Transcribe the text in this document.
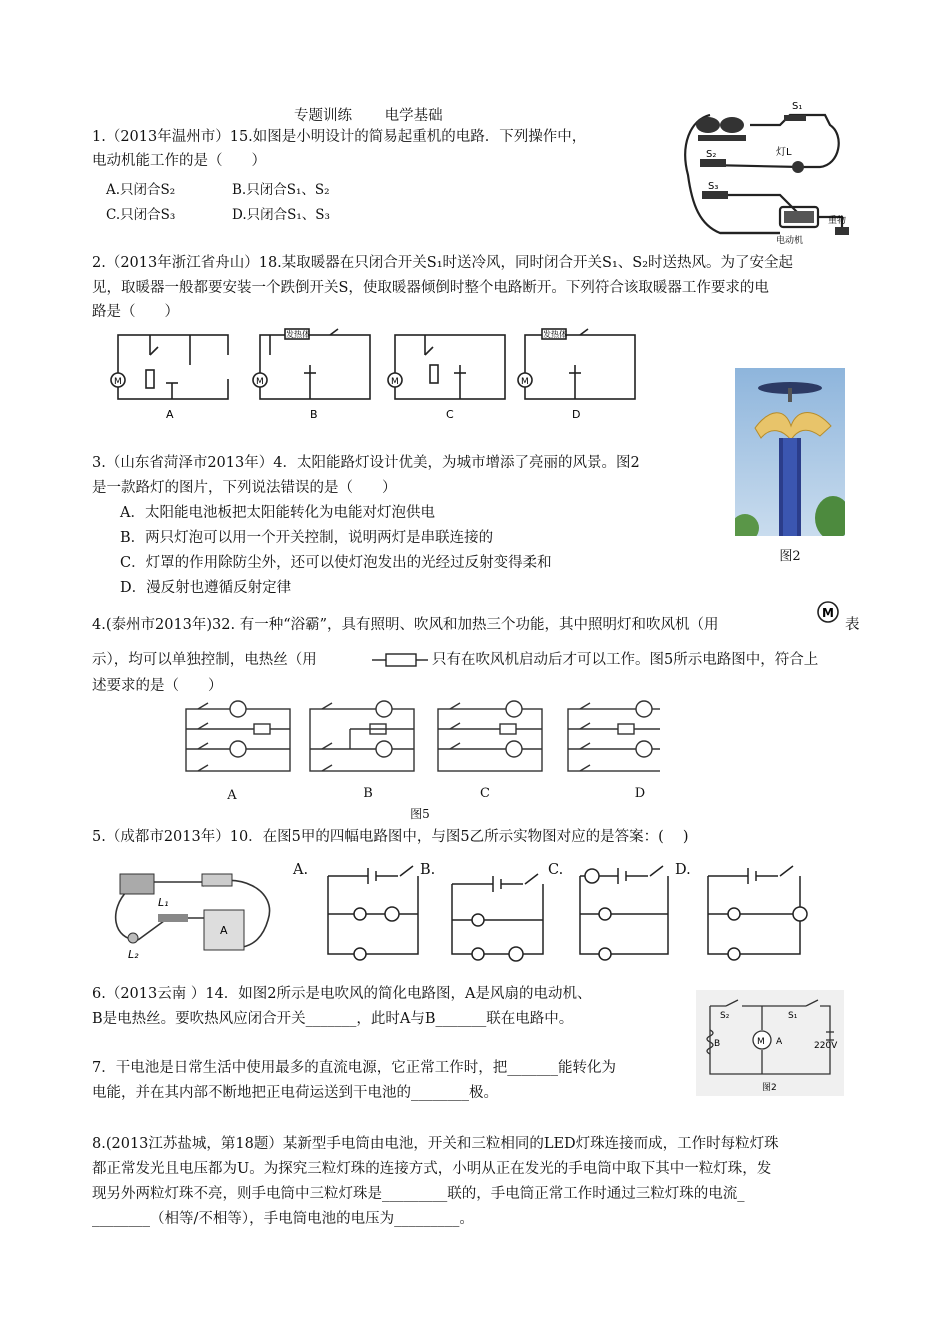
专题训练 电学基础
1.（2013年温州市）15.如图是小明设计的简易起重机的电路．下列操作中，
电动机能工作的是（　　）
A.只闭合S₂	B.只闭合S₁、S₂
C.只闭合S₃	D.只闭合S₁、S₃
S₁
S₂
S₃
灯L
电动机
重物
2.（2013年浙江省舟山）18.某取暖器在只闭合开关S₁时送冷风，同时闭合开关S₁、S₂时送热风。为了安全起
见，取暖器一般都要安装一个跌倒开关S，使取暖器倾倒时整个电路断开。下列符合该取暖器工作要求的电
路是（　　）
M	M	M	M
发热体	发热体
A	B	C	D
3.（山东省菏泽市2013年）4．太阳能路灯设计优美，为城市增添了亮丽的风景。图2
是一款路灯的图片，下列说法错误的是（　　）
A．太阳能电池板把太阳能转化为电能对灯泡供电
B．两只灯泡可以用一个开关控制，说明两灯是串联连接的
C．灯罩的作用除防尘外，还可以使灯泡发出的光经过反射变得柔和
D．漫反射也遵循反射定律
图2
4.(泰州市2013年)32. 有一种“浴霸”，具有照明、吹风和加热三个功能，其中照明灯和吹风机（用
M
表
示），均可以单独控制，电热丝（用	只有在吹风机启动后才可以工作。图5所示电路图中，符合上
述要求的是（　　）
A	B	C	D
图5
5.（成都市2013年）10．在图5甲的四幅电路图中，与图5乙所示实物图对应的是答案：(　 )
L₁
A
L₂
A.	B.	C.	D.
6.（2013云南 ）14．如图2所示是电吹风的简化电路图，A是风扇的电动机、
B是电热丝。要吹热风应闭合开关_______，此时A与B_______联在电路中。	S₂	S₁
B	M A	220V
图2
7．干电池是日常生活中使用最多的直流电源，它正常工作时，把_______能转化为
电能，并在其内部不断地把正电荷运送到干电池的________极。
8.(2013江苏盐城，第18题）某新型手电筒由电池，开关和三粒相同的LED灯珠连接而成，工作时每粒灯珠
都正常发光且电压都为U。为探究三粒灯珠的连接方式，小明从正在发光的手电筒中取下其中一粒灯珠，发
现另外两粒灯珠不亮，则手电筒中三粒灯珠是_________联的，手电筒正常工作时通过三粒灯珠的电流_
________（相等/不相等），手电筒电池的电压为_________。
